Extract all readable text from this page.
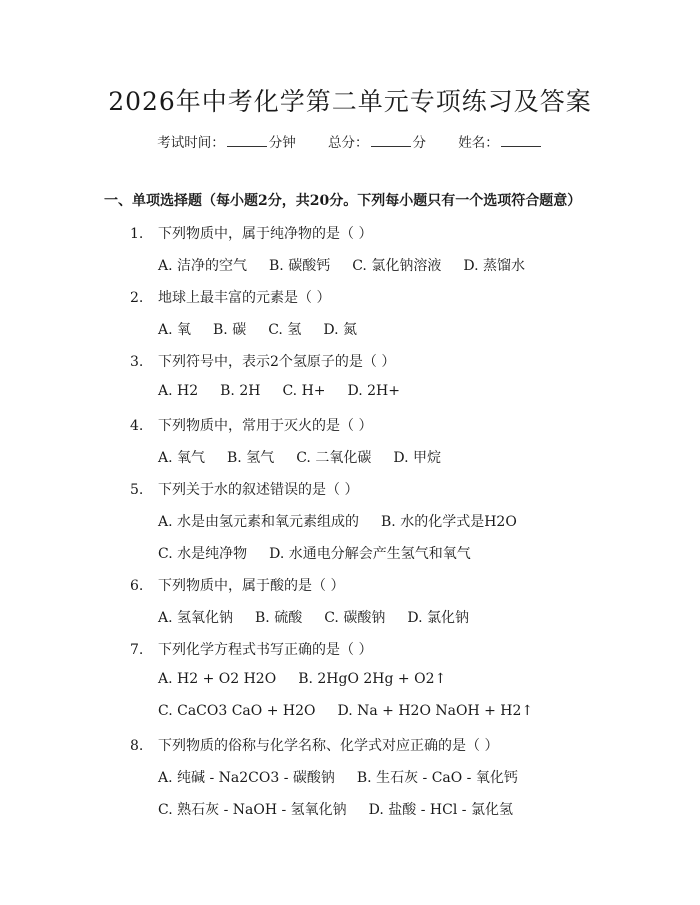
2026年中考化学第二单元专项练习及答案
考试时间：	分钟 总分：	分 姓名：
一、单项选择题（每小题2分，共20分。下列每小题只有一个选项符合题意）
1. 下列物质中，属于纯净物的是（ ）
A. 洁净的空气 B. 碳酸钙 C. 氯化钠溶液 D. 蒸馏水
2. 地球上最丰富的元素是（ ）
A. 氧 B. 碳 C. 氢 D. 氮
3. 下列符号中，表示2个氢原子的是（ ）
A. H2 B. 2H C. H+ D. 2H+
4. 下列物质中，常用于灭火的是（ ）
A. 氧气 B. 氢气 C. 二氧化碳 D. 甲烷
5. 下列关于水的叙述错误的是（ ）
A. 水是由氢元素和氧元素组成的 B. 水的化学式是H2O
C. 水是纯净物 D. 水通电分解会产生氢气和氧气
6. 下列物质中，属于酸的是（ ）
A. 氢氧化钠 B. 硫酸 C. 碳酸钠 D. 氯化钠
7. 下列化学方程式书写正确的是（ ）
A. H2 + O2 H2O B. 2HgO 2Hg + O2↑
C. CaCO3 CaO + H2O D. Na + H2O NaOH + H2↑
8. 下列物质的俗称与化学名称、化学式对应正确的是（ ）
A. 纯碱 - Na2CO3 - 碳酸钠 B. 生石灰 - CaO - 氧化钙
C. 熟石灰 - NaOH - 氢氧化钠 D. 盐酸 - HCl - 氯化氢
